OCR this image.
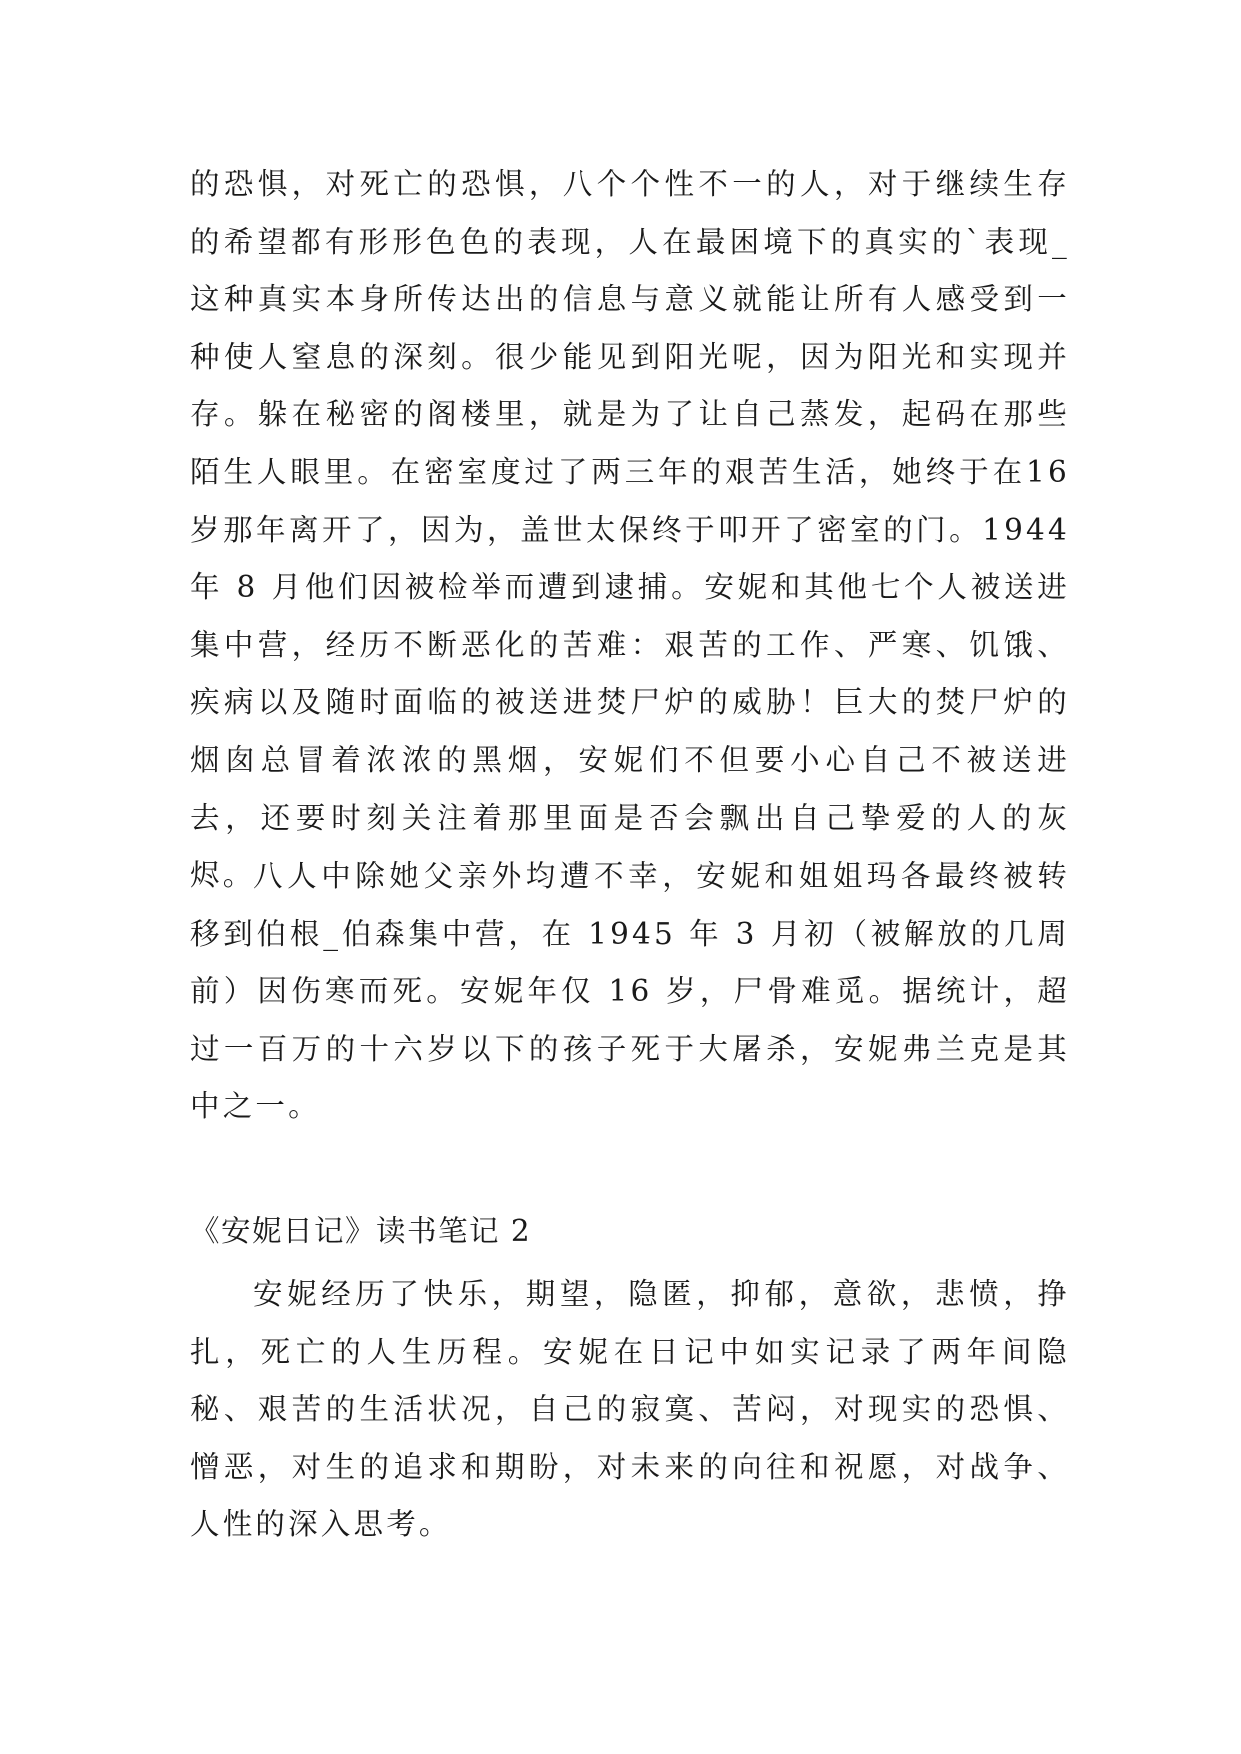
的恐惧，对死亡的恐惧，八个个性不一的人，对于继续生存的希望都有形形色色的表现，人在最困境下的真实的`表现_这种真实本身所传达出的信息与意义就能让所有人感受到一种使人窒息的深刻。很少能见到阳光呢，因为阳光和实现并存。躲在秘密的阁楼里，就是为了让自己蒸发，起码在那些陌生人眼里。在密室度过了两三年的艰苦生活，她终于在16 岁那年离开了，因为，盖世太保终于叩开了密室的门。1944 年 8 月他们因被检举而遭到逮捕。安妮和其他七个人被送进集中营，经历不断恶化的苦难：艰苦的工作、严寒、饥饿、疾病以及随时面临的被送进焚尸炉的威胁！巨大的焚尸炉的烟囱总冒着浓浓的黑烟，安妮们不但要小心自己不被送进去，还要时刻关注着那里面是否会飘出自己挚爱的人的灰烬。

八人中除她父亲外均遭不幸，安妮和姐姐玛各最终被转移到伯根_伯森集中营，在 1945 年 3 月初（被解放的几周前）因伤寒而死。安妮年仅 16 岁，尸骨难觅。据统计，超过一百万的十六岁以下的孩子死于大屠杀，安妮弗兰克是其中之一。

《安妮日记》读书笔记 2

安妮经历了快乐，期望，隐匿，抑郁，意欲，悲愤，挣扎，死亡的人生历程。安妮在日记中如实记录了两年间隐秘、艰苦的生活状况，自己的寂寞、苦闷，对现实的恐惧、憎恶，对生的追求和期盼，对未来的向往和祝愿，对战争、人性的深入思考。
